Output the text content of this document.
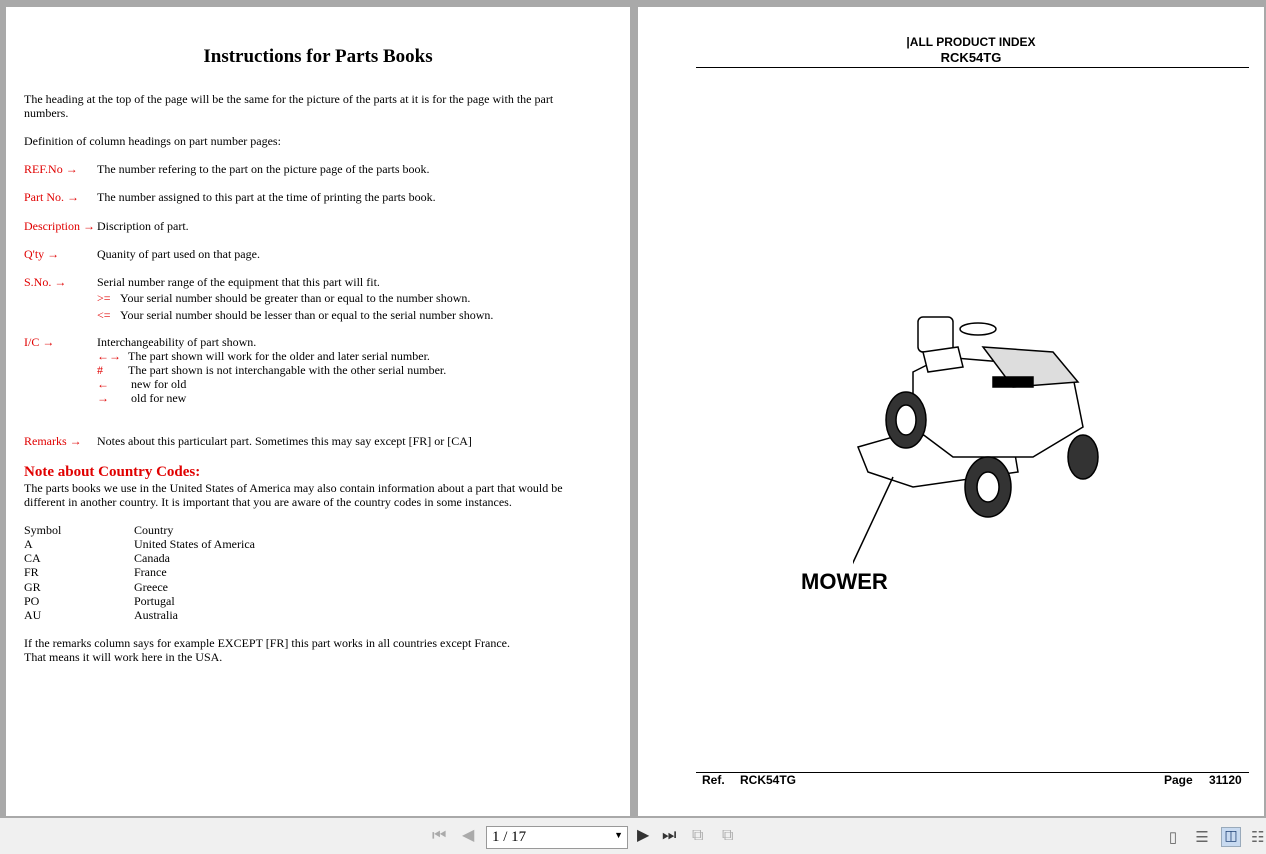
Instructions for Parts Books
The heading at the top of the page will be the same for the picture of the parts at it is for the page with the part
numbers.
Definition of column headings on part number pages:
REF.No → The number refering to the part on the picture page of the parts book.
Part No. → The number assigned to this part at the time of printing the parts book.
Description → Discription of part.
Q'ty →	Quanity of part used on that page.
S.No. →	Serial number range of the equipment that this part will fit.
>= Your serial number should be greater than or equal to the number shown.
<= Your serial number should be lesser than or equal to the serial number shown.
I/C →	Interchangeability of part shown.
←→ The part shown will work for the older and later serial number.
# The part shown is not interchangable with the other serial number.
← new for old
→ old for new
Remarks → Notes about this particulart part. Sometimes this may say except [FR] or [CA]
Note about Country Codes:
The parts books we use in the United States of America may also contain information about a part that would be
different in another country. It is important that you are aware of the country codes in some instances.
Symbol	Country
A	United States of America
CA	Canada
FR	France
GR	Greece
PO	Portugal
AU	Australia
If the remarks column says for example EXCEPT [FR] this part works in all countries except France.
That means it will work here in the USA.
|ALL PRODUCT INDEX
RCK54TG
MOWER
Ref. RCK54TG	Page 31120
⏮ ◀	1 / 17	▼ ▶ ⏭ ⧉ ⧉	▯	☰ ◫ ☷
